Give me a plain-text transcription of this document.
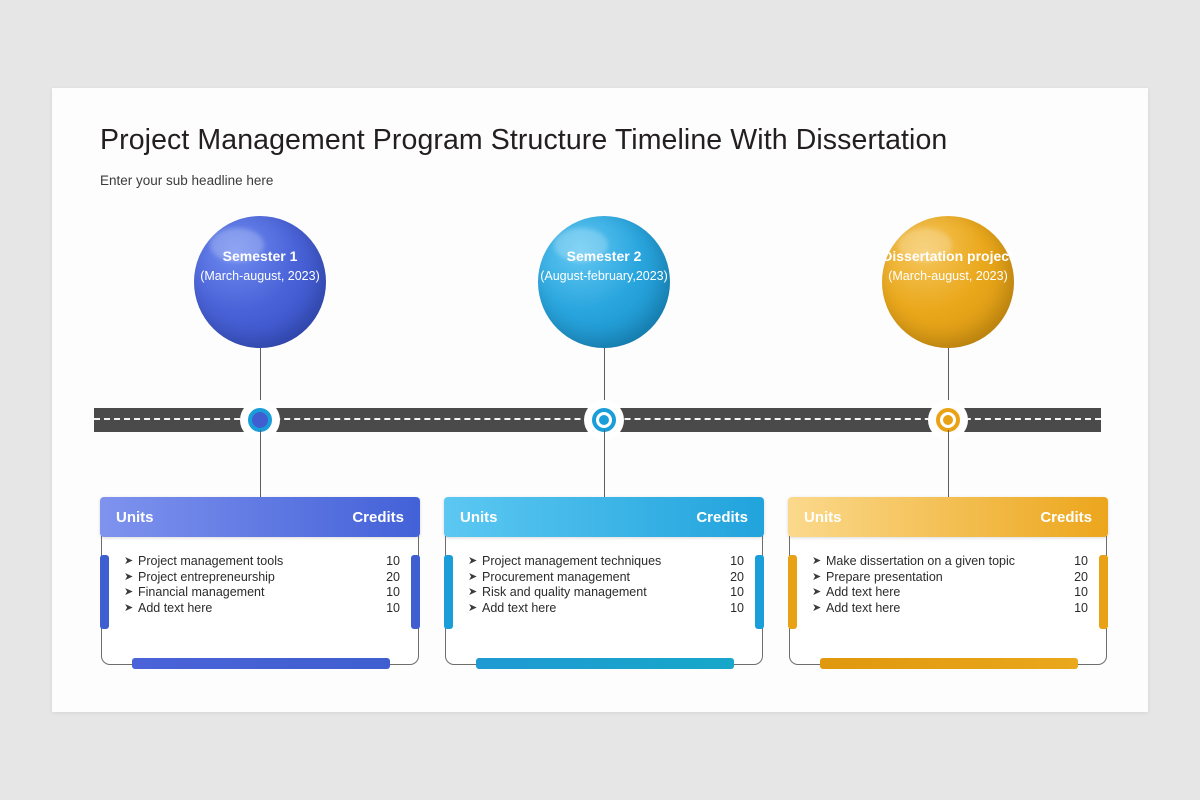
Project Management Program Structure Timeline With Dissertation
Enter your sub headline here
Semester 1
(March-august, 2023)
Units	Credits
➤ Project management tools	10
➤ Project entrepreneurship	20
➤ Financial management	10
➤ Add text here	10
Semester 2
(August-february,2023)
Units	Credits
➤ Project management techniques	10
➤ Procurement management	20
➤ Risk and quality management	10
➤ Add text here	10
Dissertation project
(March-august, 2023)
Units	Credits
➤ Make dissertation on a given topic	10
➤ Prepare presentation	20
➤ Add text here	10
➤ Add text here	10
